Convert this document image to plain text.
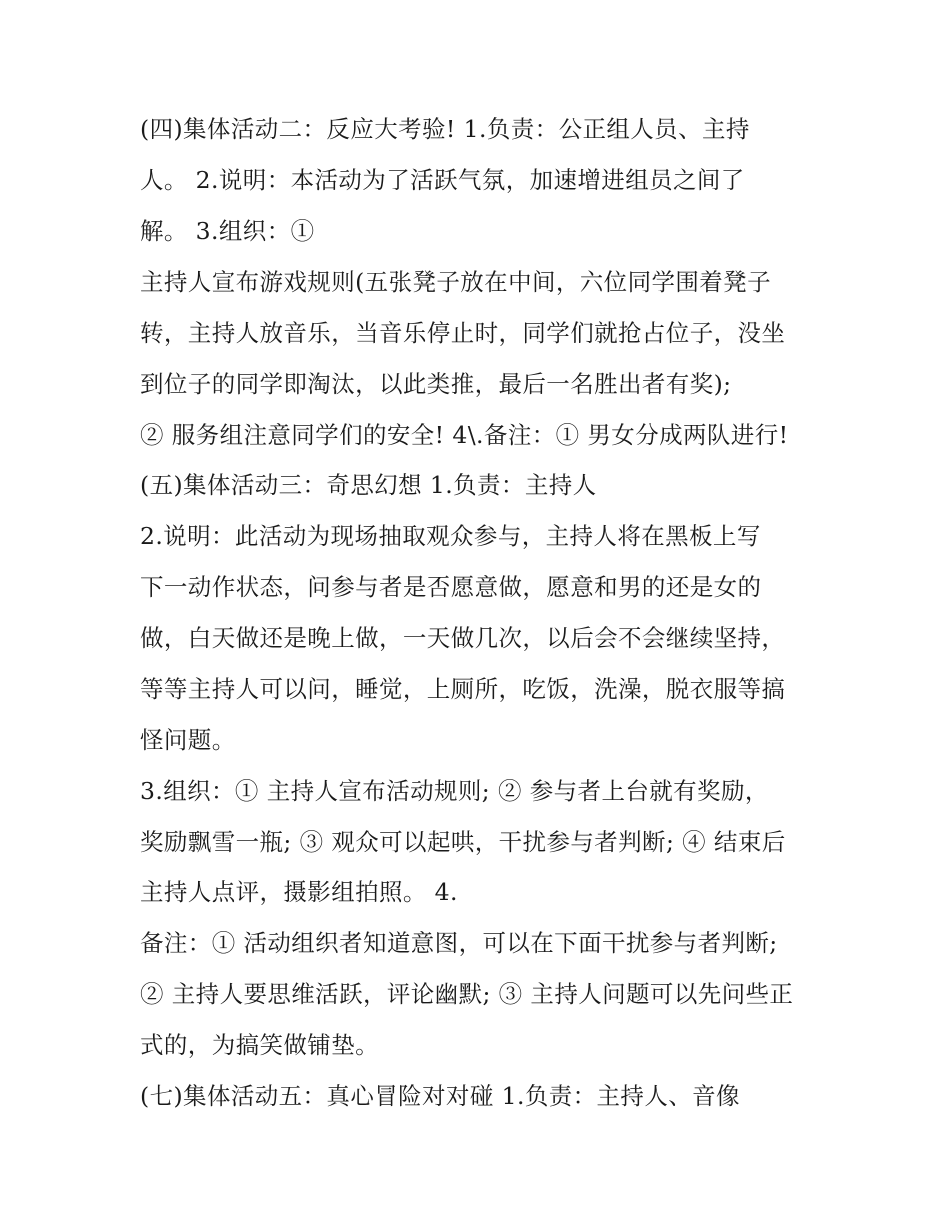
(四)集体活动二：反应大考验! 1.负责：公正组人员、主持
人。 2.说明：本活动为了活跃气氛，加速增进组员之间了
解。 3.组织：①
主持人宣布游戏规则(五张凳子放在中间，六位同学围着凳子
转，主持人放音乐，当音乐停止时，同学们就抢占位子，没坐
到位子的同学即淘汰，以此类推，最后一名胜出者有奖);
② 服务组注意同学们的安全! 4\.备注：① 男女分成两队进行!
(五)集体活动三：奇思幻想 1.负责：主持人
2.说明：此活动为现场抽取观众参与，主持人将在黑板上写
下一动作状态，问参与者是否愿意做，愿意和男的还是女的
做，白天做还是晚上做，一天做几次，以后会不会继续坚持，
等等主持人可以问，睡觉，上厕所，吃饭，洗澡，脱衣服等搞
怪问题。
3.组织：① 主持人宣布活动规则; ② 参与者上台就有奖励，
奖励飘雪一瓶; ③ 观众可以起哄，干扰参与者判断; ④ 结束后
主持人点评，摄影组拍照。 4.
备注：① 活动组织者知道意图，可以在下面干扰参与者判断;
② 主持人要思维活跃，评论幽默; ③ 主持人问题可以先问些正
式的，为搞笑做铺垫。
(七)集体活动五：真心冒险对对碰 1.负责：主持人、音像
